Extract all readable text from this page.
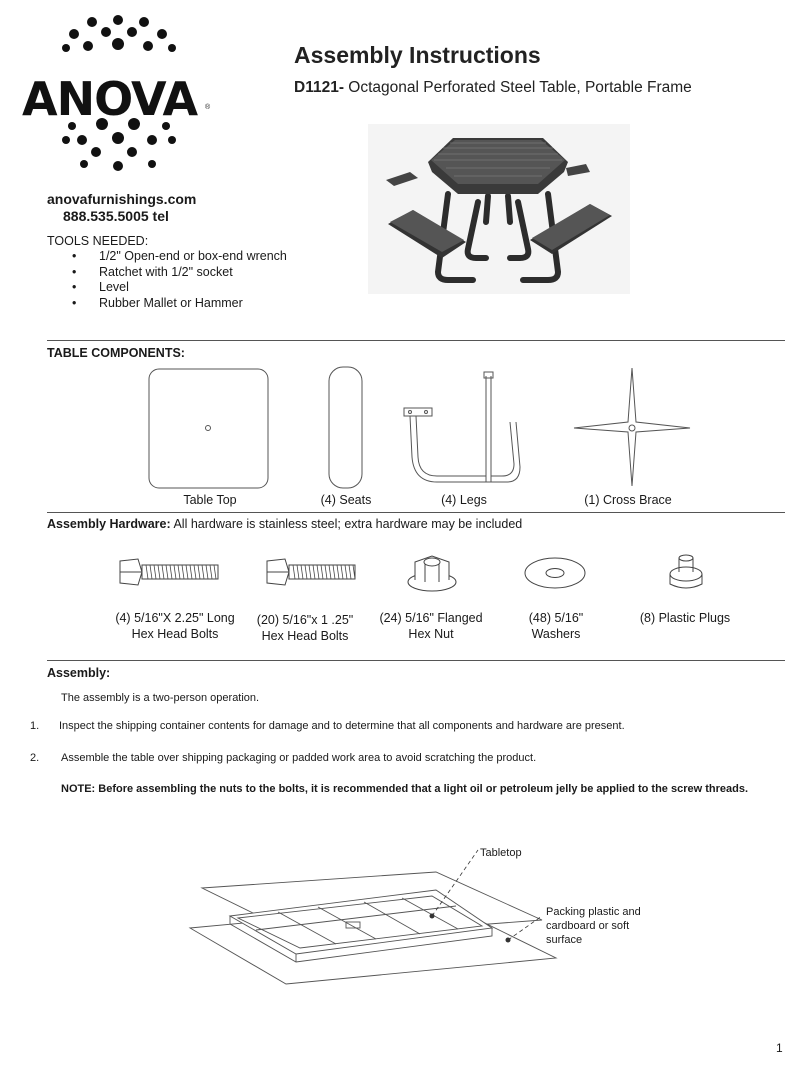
ANOVA ®
Assembly Instructions
D1121- Octagonal Perforated Steel Table, Portable Frame
anovafurnishings.com
888.535.5005 tel
TOOLS NEEDED:
• 1/2" Open-end or box-end wrench
• Ratchet with 1/2" socket
• Level
• Rubber Mallet or Hammer
TABLE COMPONENTS:
Table Top	(4) Seats	(4) Legs	(1) Cross Brace
Assembly Hardware: All hardware is stainless steel; extra hardware may be included
(4) 5/16"X 2.25" Long
Hex Head Bolts
(20) 5/16"x 1 .25"
Hex Head Bolts
(24) 5/16" Flanged
Hex Nut
(48) 5/16"
Washers
(8) Plastic Plugs
Assembly:
The assembly is a two-person operation.
1. Inspect the shipping container contents for damage and to determine that all components and hardware are present.
2. Assemble the table over shipping packaging or padded work area to avoid scratching the product.
NOTE: Before assembling the nuts to the bolts, it is recommended that a light oil or petroleum jelly be applied to the screw threads.
Tabletop
Packing plastic and
cardboard or soft
surface
1
